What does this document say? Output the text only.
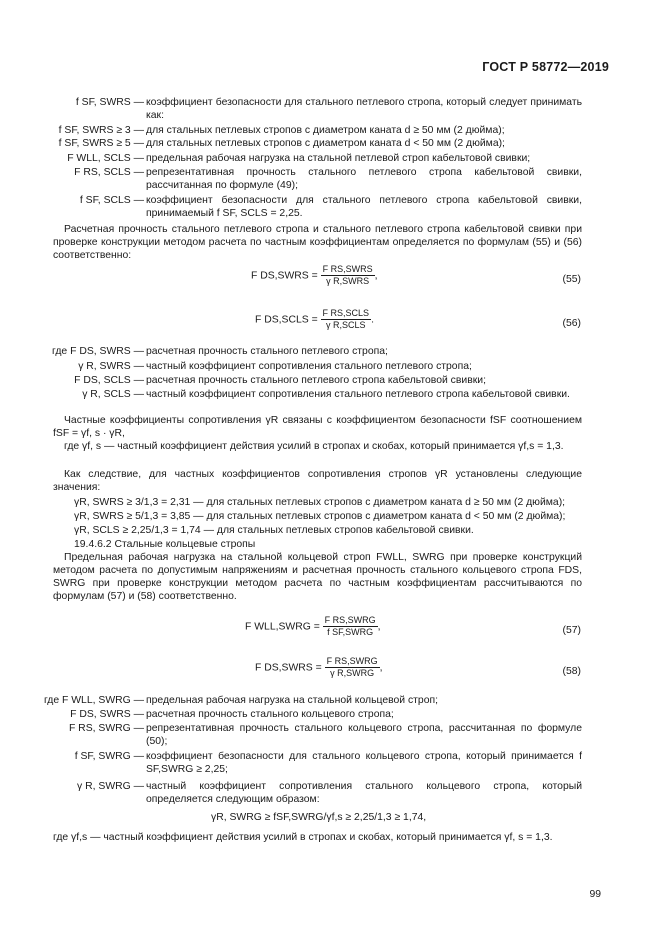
ГОСТ Р 58772—2019
f SF, SWRS — коэффициент безопасности для стального петлевого стропа, который следует принимать как:
f SF, SWRS ≥ 3 — для стальных петлевых стропов с диаметром каната d ≥ 50 мм (2 дюйма);
f SF, SWRS ≥ 5 — для стальных петлевых стропов с диаметром каната d < 50 мм (2 дюйма);
F WLL, SCLS — предельная рабочая нагрузка на стальной петлевой строп кабельтовой свивки;
F RS, SCLS — репрезентативная прочность стального петлевого стропа кабельтовой свивки, рассчитанная по формуле (49);
f SF, SCLS — коэффициент безопасности для стального петлевого стропа кабельтовой свивки, принимаемый f SF, SCLS = 2,25.
Расчетная прочность стального петлевого стропа и стального петлевого стропа кабельтовой свивки при проверке конструкции методом расчета по частным коэффициентам определяется по формулам (55) и (56) соответственно:
F DS,SWRS = $\frac{\text{F RS,SWRS}}{\text{γ R,SWRS}}$ ,	(55)
F DS,SCLS = $\frac{\text{F RS,SCLS}}{\text{γ R,SCLS}}$ .	(56)
где F DS, SWRS — расчетная прочность стального петлевого стропа;
γ R, SWRS — частный коэффициент сопротивления стального петлевого стропа;
F DS, SCLS — расчетная прочность стального петлевого стропа кабельтовой свивки;
γ R, SCLS — частный коэффициент сопротивления стального петлевого стропа кабельтовой свивки.
Частные коэффициенты сопротивления γR связаны с коэффициентом безопасности fSF соотношением fSF = γf, s · γR,
где γf, s — частный коэффициент действия усилий в стропах и скобах, который принимается γf,s = 1,3.
Как следствие, для частных коэффициентов сопротивления стропов γR установлены следующие значения:
γR, SWRS ≥ 3/1,3 = 2,31 — для стальных петлевых стропов с диаметром каната d ≥ 50 мм (2 дюйма);
γR, SWRS ≥ 5/1,3 = 3,85 — для стальных петлевых стропов с диаметром каната d < 50 мм (2 дюйма);
γR, SCLS ≥ 2,25/1,3 = 1,74 — для стальных петлевых стропов кабельтовой свивки.
19.4.6.2 Стальные кольцевые стропы
Предельная рабочая нагрузка на стальной кольцевой строп FWLL, SWRG при проверке конструкций методом расчета по допустимым напряжениям и расчетная прочность стального кольцевого стропа FDS, SWRG при проверке конструкции методом расчета по частным коэффициентам рассчитываются по формулам (57) и (58) соответственно.
F WLL,SWRG = $\frac{\text{F RS,SWRG}}{\text{f SF,SWRG}}$ ,	(57)
F DS,SWRS = $\frac{\text{F RS,SWRG}}{\text{γ R,SWRG}}$ ,	(58)
где F WLL, SWRG — предельная рабочая нагрузка на стальной кольцевой строп;
F DS, SWRS — расчетная прочность стального кольцевого стропа;
F RS, SWRG — репрезентативная прочность стального кольцевого стропа, рассчитанная по формуле (50);
f SF, SWRG — коэффициент безопасности для стального кольцевого стропа, который принимается f SF,SWRG ≥ 2,25;
γ R, SWRG — частный коэффициент сопротивления стального кольцевого стропа, который определяется следующим образом:
γR, SWRG ≥ fSF,SWRG/γf,s ≥ 2,25/1,3 ≥ 1,74,
где γf,s — частный коэффициент действия усилий в стропах и скобах, который принимается γf, s = 1,3.
99
